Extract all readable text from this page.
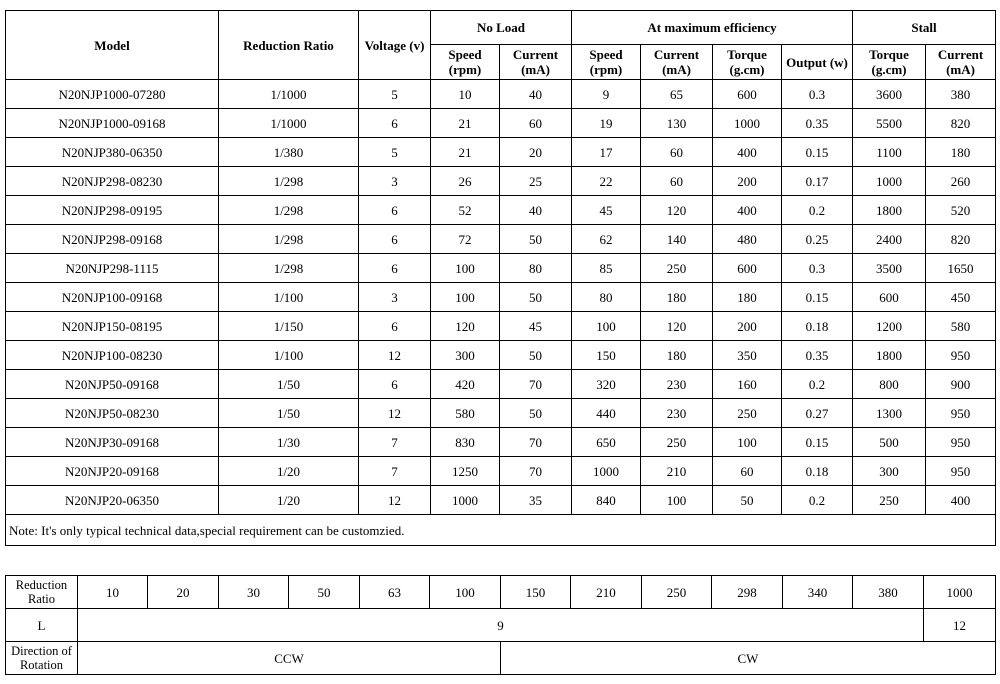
Model	Reduction Ratio	Voltage (v)	No Load		At maximum efficiency				Stall	
			Speed (rpm)	Current (mA)	Speed (rpm)	Current (mA)	Torque (g.cm)	Output (w)	Torque (g.cm)	Current (mA)
N20NJP1000-07280	1/1000	5	10	40	9	65	600	0.3	3600	380
N20NJP1000-09168	1/1000	6	21	60	19	130	1000	0.35	5500	820
N20NJP380-06350	1/380	5	21	20	17	60	400	0.15	1100	180
N20NJP298-08230	1/298	3	26	25	22	60	200	0.17	1000	260
N20NJP298-09195	1/298	6	52	40	45	120	400	0.2	1800	520
N20NJP298-09168	1/298	6	72	50	62	140	480	0.25	2400	820
N20NJP298-1115	1/298	6	100	80	85	250	600	0.3	3500	1650
N20NJP100-09168	1/100	3	100	50	80	180	180	0.15	600	450
N20NJP150-08195	1/150	6	120	45	100	120	200	0.18	1200	580
N20NJP100-08230	1/100	12	300	50	150	180	350	0.35	1800	950
N20NJP50-09168	1/50	6	420	70	320	230	160	0.2	800	900
N20NJP50-08230	1/50	12	580	50	440	230	250	0.27	1300	950
N20NJP30-09168	1/30	7	830	70	650	250	100	0.15	500	950
N20NJP20-09168	1/20	7	1250	70	1000	210	60	0.18	300	950
N20NJP20-06350	1/20	12	1000	35	840	100	50	0.2	250	400
Note: It's only typical technical data,special requirement can be customzied.										
Reduction Ratio	10	20	30	50	63	100	150	210	250	298	340	380	1000
L	9												12
Direction of Rotation	CCW						CW						
